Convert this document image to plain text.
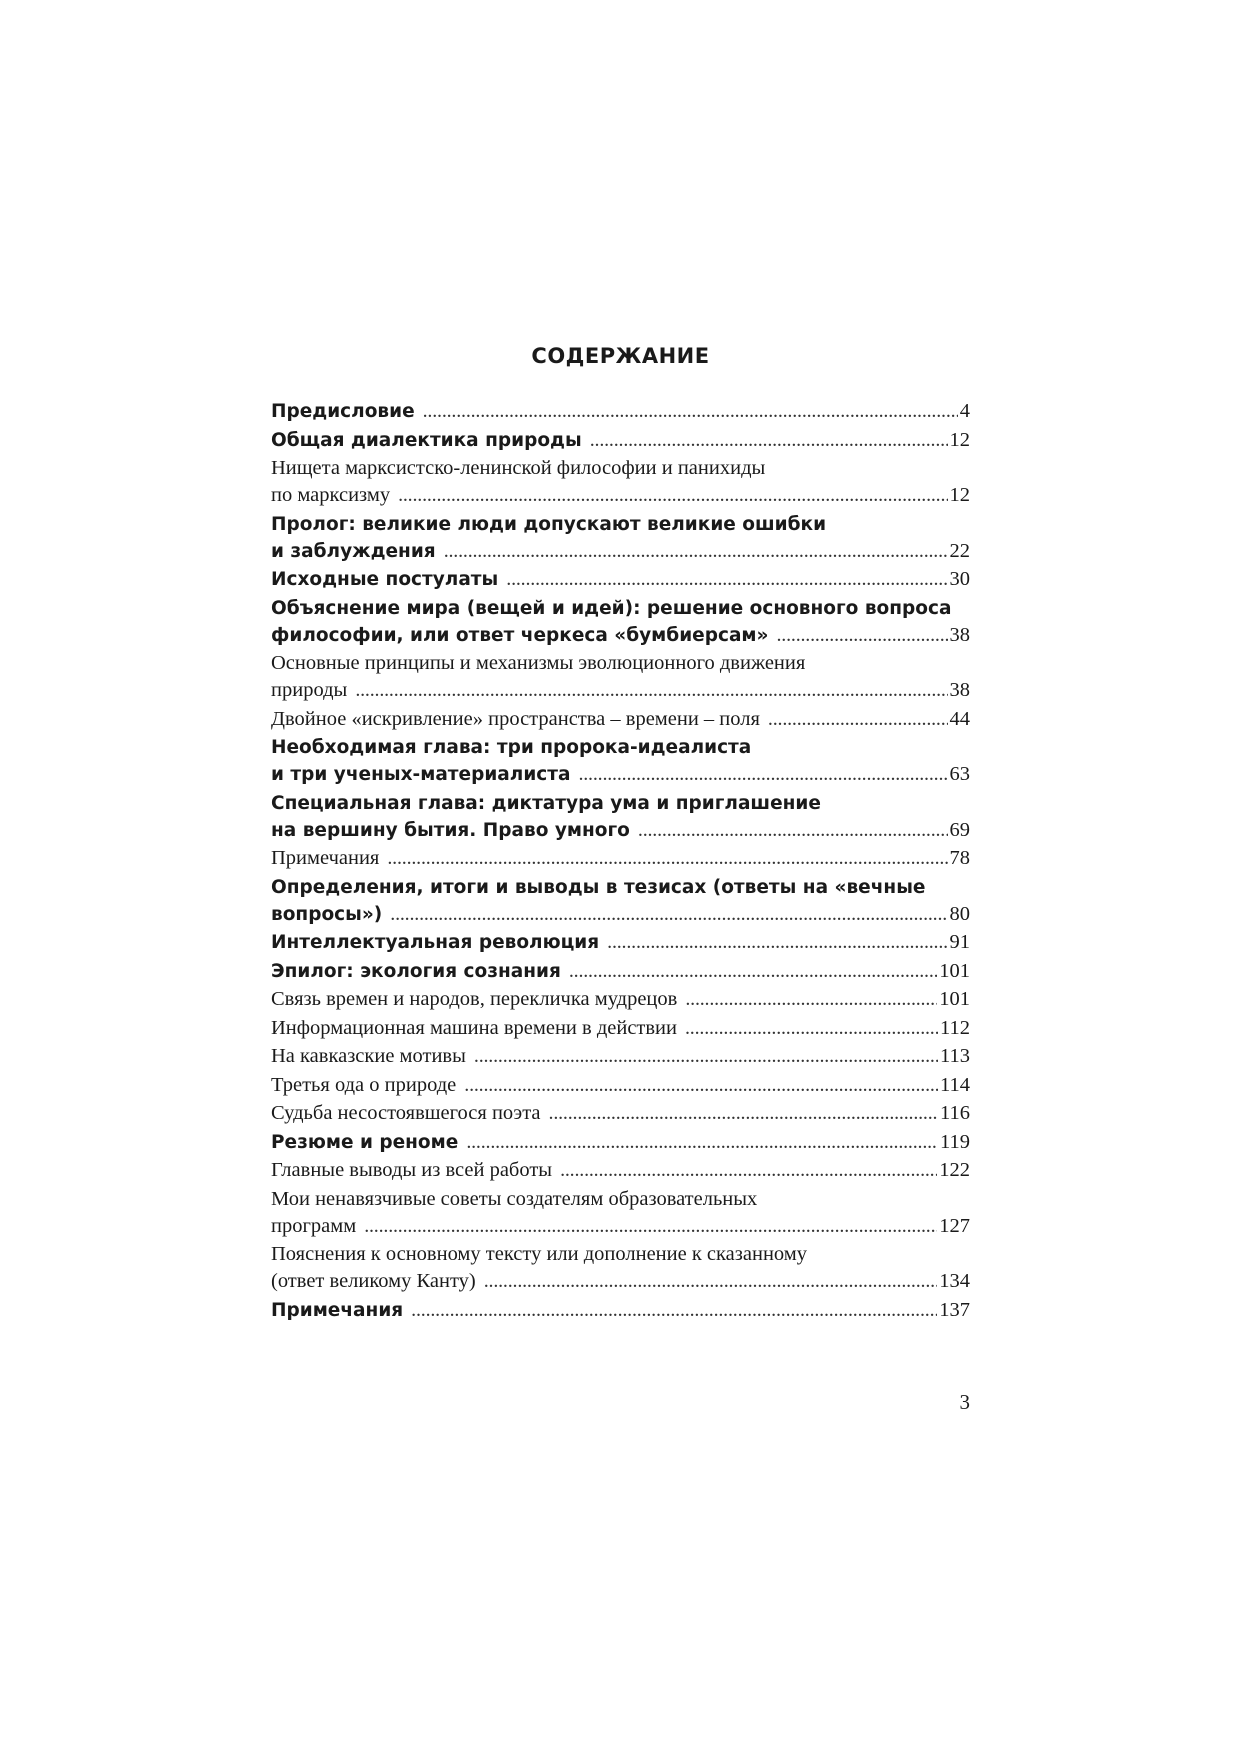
СОДЕРЖАНИЕ
Предисловие . . .	4
Общая диалектика природы . . .	12
Нищета марксистско-ленинской философии и панихиды
по марксизму . . .	12
Пролог: великие люди допускают великие ошибки
и заблуждения . . .	22
Исходные постулаты . . .	30
Объяснение мира (вещей и идей): решение основного вопроса
философии, или ответ черкеса «бумбиерсам» . . .	38
Основные принципы и механизмы эволюционного движения
природы . . .	38
Двойное «искривление» пространства – времени – поля . . .	44
Необходимая глава: три пророка-идеалиста
и три ученых-материалиста . . .	63
Специальная глава: диктатура ума и приглашение
на вершину бытия. Право умного . . .	69
Примечания . . .	78
Определения, итоги и выводы в тезисах (ответы на «вечные
вопросы») . . .	80
Интеллектуальная революция . . .	91
Эпилог: экология сознания . . .	101
Связь времен и народов, перекличка мудрецов . . .	101
Информационная машина времени в действии . . .	112
На кавказские мотивы . . .	113
Третья ода о природе . . .	114
Судьба несостоявшегося поэта . . .	116
Резюме и реноме . . .	119
Главные выводы из всей работы . . .	122
Мои ненавязчивые советы создателям образовательных
программ . . .	127
Пояснения к основному тексту или дополнение к сказанному
(ответ великому Канту) . . .	134
Примечания . . .	137
3
